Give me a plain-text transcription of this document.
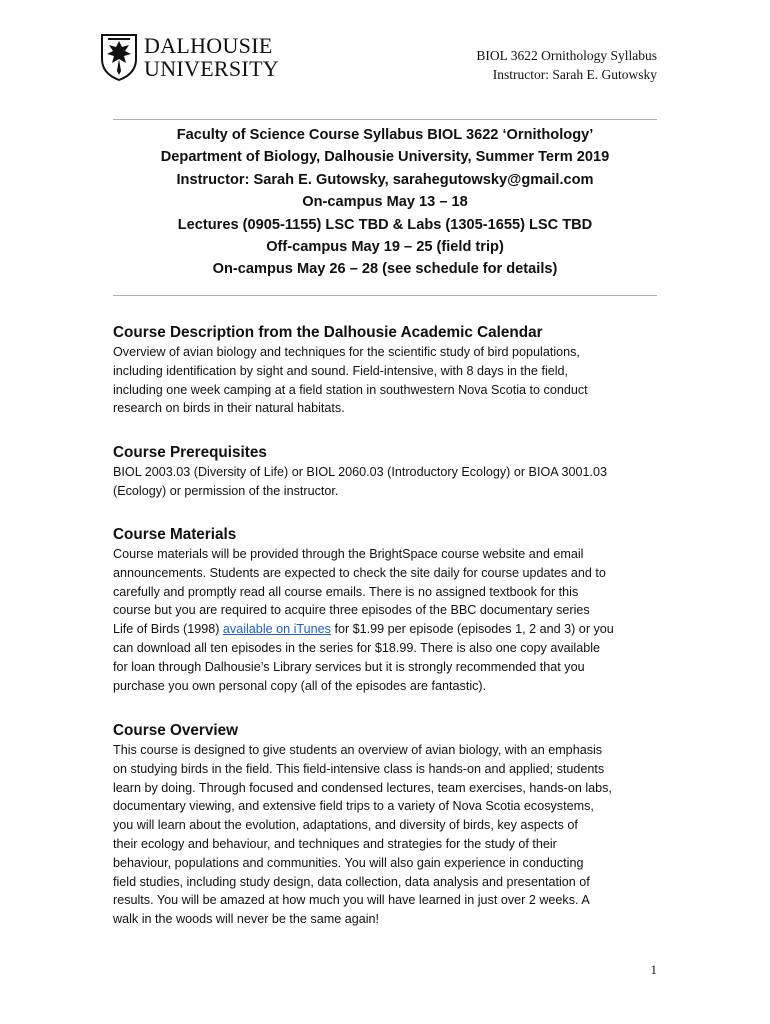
DALHOUSIE
UNIVERSITY
BIOL 3622 Ornithology Syllabus
Instructor: Sarah E. Gutowsky
Faculty of Science Course Syllabus BIOL 3622 ‘Ornithology’
Department of Biology, Dalhousie University, Summer Term 2019
Instructor: Sarah E. Gutowsky, sarahegutowsky@gmail.com
On-campus May 13 – 18
Lectures (0905-1155) LSC TBD & Labs (1305-1655) LSC TBD
Off-campus May 19 – 25 (field trip)
On-campus May 26 – 28 (see schedule for details)
Course Description from the Dalhousie Academic Calendar

Overview of avian biology and techniques for the scientific study of bird populations,
including identification by sight and sound. Field-intensive, with 8 days in the field,
including one week camping at a field station in southwestern Nova Scotia to conduct
research on birds in their natural habitats.

Course Prerequisites

BIOL 2003.03 (Diversity of Life) or BIOL 2060.03 (Introductory Ecology) or BIOA 3001.03
(Ecology) or permission of the instructor.

Course Materials

Course materials will be provided through the BrightSpace course website and email
announcements. Students are expected to check the site daily for course updates and to
carefully and promptly read all course emails. There is no assigned textbook for this
course but you are required to acquire three episodes of the BBC documentary series
Life of Birds (1998) available on iTunes for $1.99 per episode (episodes 1, 2 and 3) or you
can download all ten episodes in the series for $18.99. There is also one copy available
for loan through Dalhousie’s Library services but it is strongly recommended that you
purchase you own personal copy (all of the episodes are fantastic).

Course Overview

This course is designed to give students an overview of avian biology, with an emphasis
on studying birds in the field. This field-intensive class is hands-on and applied; students
learn by doing. Through focused and condensed lectures, team exercises, hands-on labs,
documentary viewing, and extensive field trips to a variety of Nova Scotia ecosystems,
you will learn about the evolution, adaptations, and diversity of birds, key aspects of
their ecology and behaviour, and techniques and strategies for the study of their
behaviour, populations and communities. You will also gain experience in conducting
field studies, including study design, data collection, data analysis and presentation of
results. You will be amazed at how much you will have learned in just over 2 weeks. A
walk in the woods will never be the same again!

1
